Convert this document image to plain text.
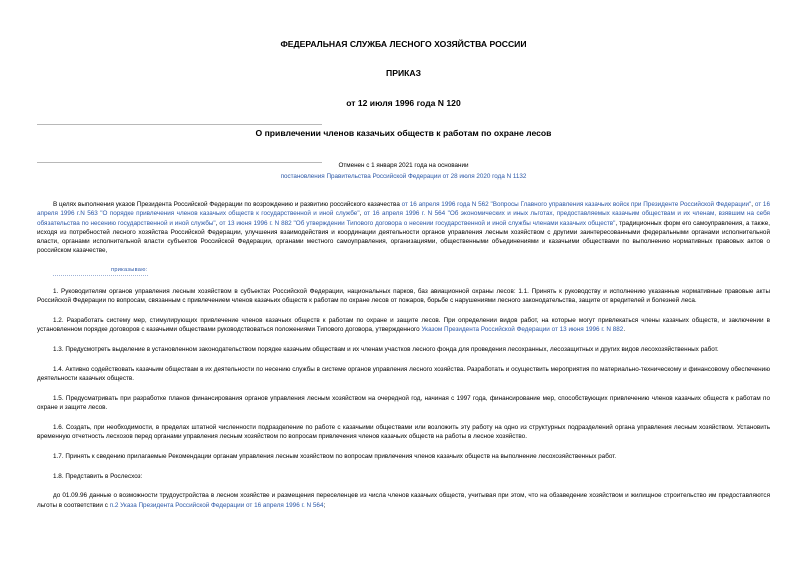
ФЕДЕРАЛЬНАЯ СЛУЖБА ЛЕСНОГО ХОЗЯЙСТВА РОССИИ

ПРИКАЗ

от 12 июля 1996 года N 120

О привлечении членов казачьих обществ к работам по охране лесов

Отменен с 1 января 2021 года на основании
постановления Правительства Российской Федерации от 28 июля 2020 года N 1132

В целях выполнения указов Президента Российской Федерации по возрождению и развитию российского казачества от 16 апреля 1996 года N 562 "Вопросы Главного управления казачьих войск при Президенте Российской Федерации", от 16 апреля 1996 г.N 563 "О порядке привлечения членов казачьих обществ к государственной и иной службе", от 16 апреля 1996 г. N 564 "Об экономических и иных льготах, предоставляемых казачьим обществам и их членам, взявшим на себя обязательства по несению государственной и иной службы", от 13 июня 1996 г. N 882 "Об утверждении Типового договора о несении государственной и иной службы членами казачьих обществ", традиционных форм его самоуправления, а также, исходя из потребностей лесного хозяйства Российской Федерации, улучшения взаимодействия и координации деятельности органов управления лесным хозяйством с другими заинтересованными федеральными органами исполнительной власти, органами исполнительной власти субъектов Российской Федерации, органами местного самоуправления, организациями, общественными объединениями и казачьими обществами по выполнению нормативных правовых актов о российском казачестве,

приказываю:

1. Руководителям органов управления лесным хозяйством в субъектах Российской Федерации, национальных парков, баз авиационной охраны лесов: 1.1. Принять к руководству и исполнению указанные нормативные правовые акты Российской Федерации по вопросам, связанным с привлечением членов казачьих обществ к работам по охране лесов от пожаров, борьбе с нарушениями лесного законодательства, защите от вредителей и болезней леса.

1.2. Разработать систему мер, стимулирующих привлечение членов казачьих обществ к работам по охране и защите лесов. При определении видов работ, на которые могут привлекаться члены казачьих обществ, и заключении в установленном порядке договоров с казачьими обществами руководствоваться положениями Типового договора, утвержденного Указом Президента Российской Федерации от 13 июня 1996 г. N 882.

1.3. Предусмотреть выделение в установленном законодательством порядке казачьим обществам и их членам участков лесного фонда для проведения лесохранных, лесозащитных и других видов лесохозяйственных работ.

1.4. Активно содействовать казачьим обществам в их деятельности по несению службы в системе органов управления лесного хозяйства. Разработать и осуществить мероприятия по материально-техническому и финансовому обеспечению деятельности казачьих обществ.

1.5. Предусматривать при разработке планов финансирования органов управления лесным хозяйством на очередной год, начиная с 1997 года, финансирование мер, способствующих привлечению членов казачьих обществ к работам по охране и защите лесов.

1.6. Создать, при необходимости, в пределах штатной численности подразделение по работе с казачьими обществами или возложить эту работу на одно из структурных подразделений органа управления лесным хозяйством. Установить временную отчетность лесхозов перед органами управления лесным хозяйством по вопросам привлечения членов казачьих обществ на работы в лесное хозяйство.

1.7. Принять к сведению прилагаемые Рекомендации органам управления лесным хозяйством по вопросам привлечения членов казачьих обществ на выполнение лесохозяйственных работ.

1.8. Представить в Рослесхоз:

до 01.09.96 данные о возможности трудоустройства в лесном хозяйстве и размещения переселенцев из числа членов казачьих обществ, учитывая при этом, что на обзаведение хозяйством и жилищное строительство им предоставляются льготы в соответствии с п.2 Указа Президента Российской Федерации от 16 апреля 1996 г. N 564;
